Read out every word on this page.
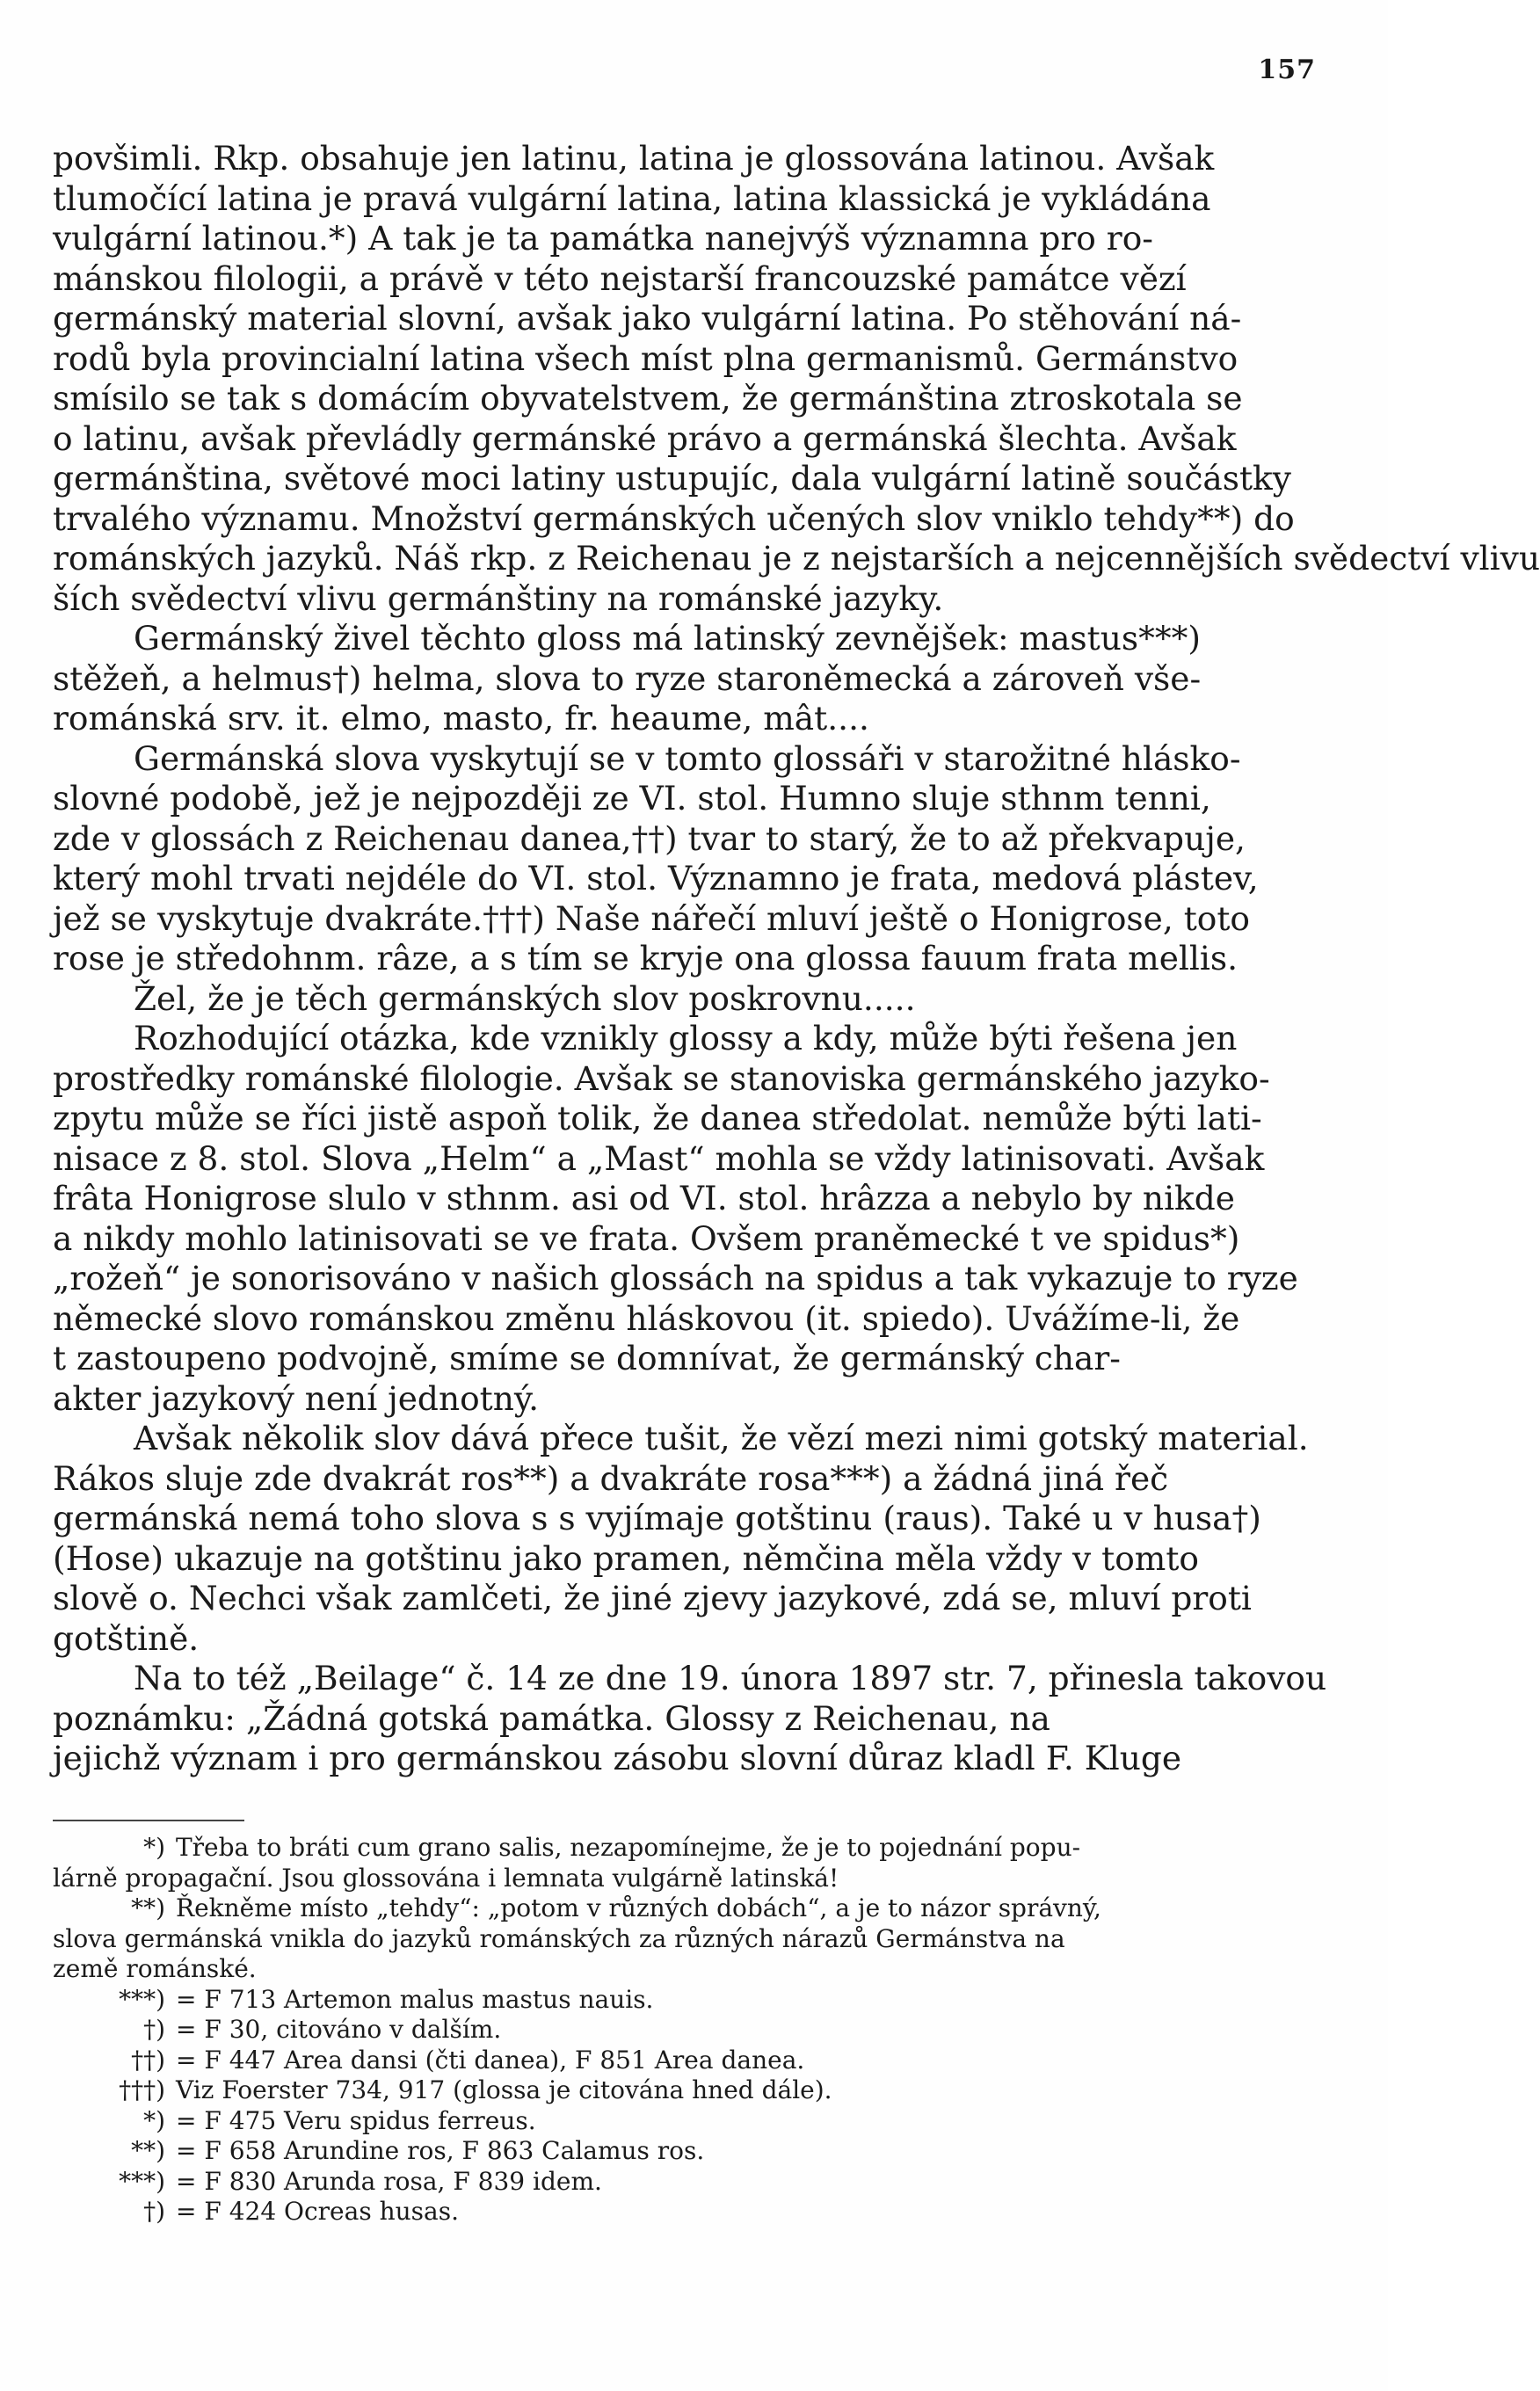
157
povšimli. Rkp. obsahuje jen latinu, latina je glossována latinou. Avšak
tlumočící latina je pravá vulgární latina, latina klassická je vykládána
vulgární latinou.*) A tak je ta památka nanejvýš významna pro ro-
mánskou filologii, a právě v této nejstarší francouzské památce vězí
germánský material slovní, avšak jako vulgární latina. Po stěhování ná-
rodů byla provincialní latina všech míst plna germanismů. Germánstvo
smísilo se tak s domácím obyvatelstvem, že germánština ztroskotala se
o latinu, avšak převládly germánské právo a germánská šlechta. Avšak
germánština, světové moci latiny ustupujíc, dala vulgární latině součástky
trvalého významu. Množství germánských učených slov vniklo tehdy**) do
románských jazyků. Náš rkp. z Reichenau je z nejstarších a nejcennějších svědectví vlivu
ších svědectví vlivu germánštiny na románské jazyky.
Germánský živel těchto gloss má latinský zevnějšek: mastus***)
stěžeň, a helmus†) helma, slova to ryze staroněmecká a zároveň vše-
románská srv. it. elmo, masto, fr. heaume, mât....
Germánská slova vyskytují se v tomto glossáři v starožitné hlásko-
slovné podobě, jež je nejpozději ze VI. stol. Humno sluje sthnm tenni,
zde v glossách z Reichenau danea,††) tvar to starý, že to až překvapuje,
který mohl trvati nejdéle do VI. stol. Významno je frata, medová plástev,
jež se vyskytuje dvakráte.†††) Naše nářečí mluví ještě o Honigrose, toto
rose je středohnm. râze, a s tím se kryje ona glossa fauum frata mellis.
Žel, že je těch germánských slov poskrovnu.....
Rozhodující otázka, kde vznikly glossy a kdy, může býti řešena jen
prostředky románské filologie. Avšak se stanoviska germánského jazyko-
zpytu může se říci jistě aspoň tolik, že danea středolat. nemůže býti lati-
nisace z 8. stol. Slova „Helm“ a „Mast“ mohla se vždy latinisovati. Avšak
frâta Honigrose slulo v sthnm. asi od VI. stol. hrâzza a nebylo by nikde
a nikdy mohlo latinisovati se ve frata. Ovšem praněmecké t ve spidus*)
„rožeň“ je sonorisováno v našich glossách na spidus a tak vykazuje to ryze
německé slovo románskou změnu hláskovou (it. spiedo). Uvážíme-li, že
t zastoupeno podvojně, smíme se domnívat, že germánský char-
akter jazykový není jednotný.
Avšak několik slov dává přece tušit, že vězí mezi nimi gotský material.
Rákos sluje zde dvakrát ros**) a dvakráte rosa***) a žádná jiná řeč
germánská nemá toho slova s s vyjímaje gotštinu (raus). Také u v husa†)
(Hose) ukazuje na gotštinu jako pramen, němčina měla vždy v tomto
slově o. Nechci však zamlčeti, že jiné zjevy jazykové, zdá se, mluví proti
gotštině.
Na to též „Beilage“ č. 14 ze dne 19. února 1897 str. 7, přinesla takovou
poznámku: „Žádná gotská památka. Glossy z Reichenau, na
jejichž význam i pro germánskou zásobu slovní důraz kladl F. Kluge
*) Třeba to bráti cum grano salis, nezapomínejme, že je to pojednání popu-
lárně propagační. Jsou glossována i lemnata vulgárně latinská!
**) Řekněme místo „tehdy“: „potom v různých dobách“, a je to názor správný,
slova germánská vnikla do jazyků románských za různých nárazů Germánstva na
země románské.
***) = F 713 Artemon malus mastus nauis.
†) = F 30, citováno v dalším.
††) = F 447 Area dansi (čti danea), F 851 Area danea.
†††) Viz Foerster 734, 917 (glossa je citována hned dále).
*) = F 475 Veru spidus ferreus.
**) = F 658 Arundine ros, F 863 Calamus ros.
***) = F 830 Arunda rosa, F 839 idem.
†) = F 424 Ocreas husas.
